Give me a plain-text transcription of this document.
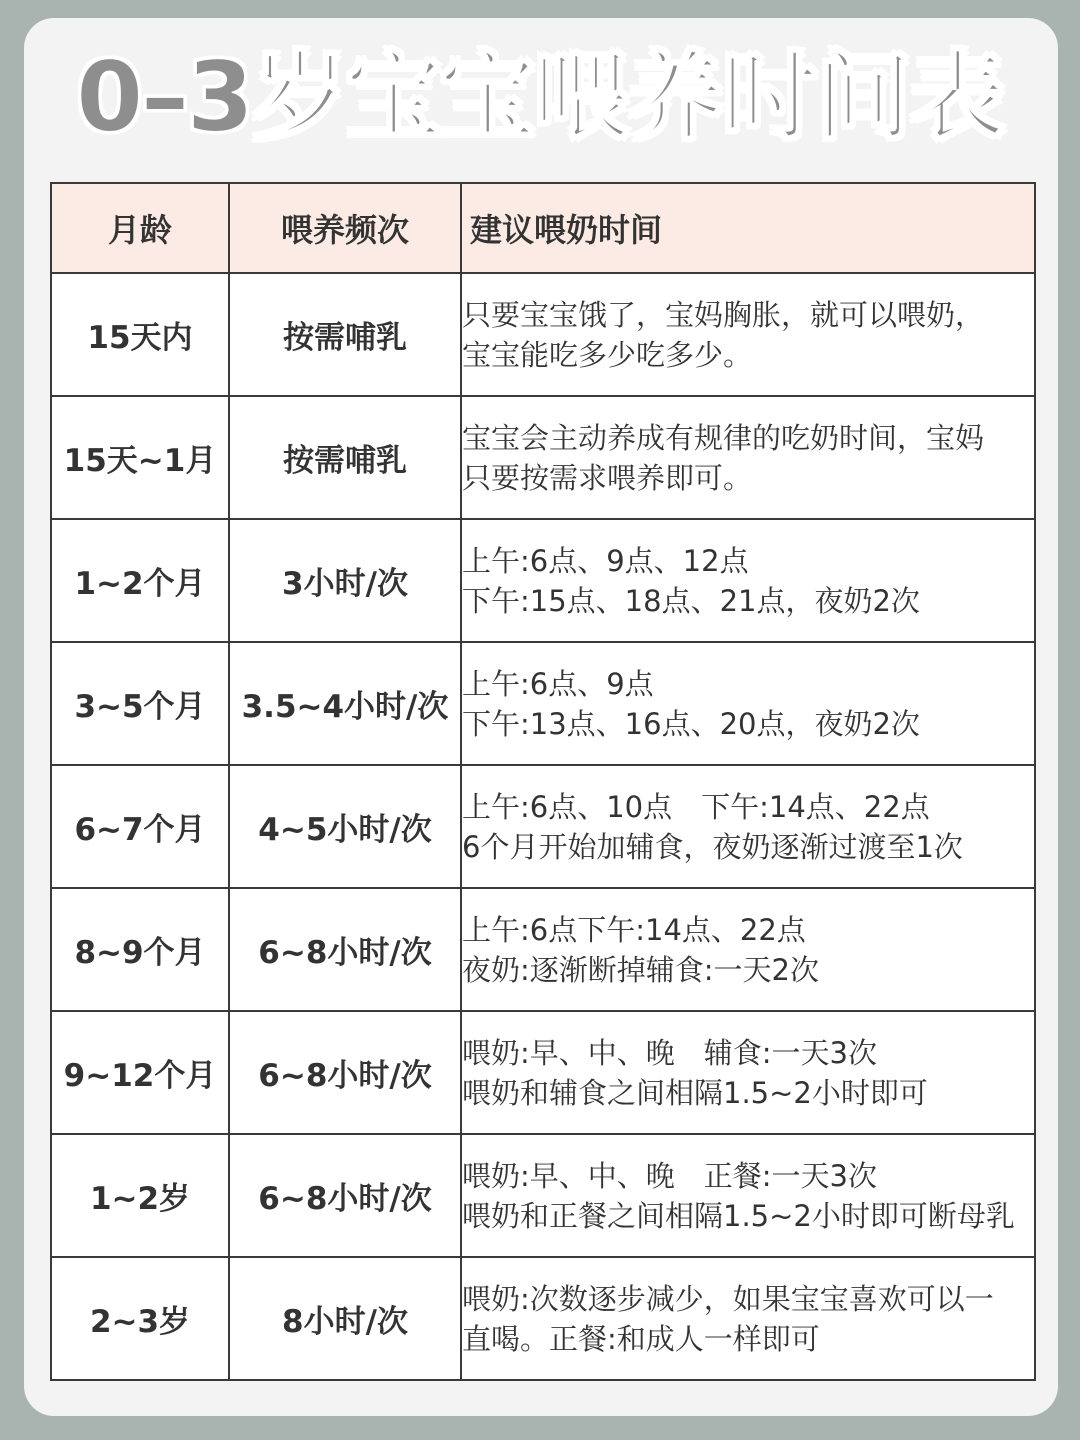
0–3岁宝宝喂养时间表
月龄	喂养频次	建议喂奶时间
15天内	按需哺乳	只要宝宝饿了，宝妈胸胀，就可以喂奶，
宝宝能吃多少吃多少。

15天~1月	按需哺乳	宝宝会主动养成有规律的吃奶时间，宝妈
只要按需求喂养即可。

1~2个月	3小时/次	上午:6点、9点、12点
下午:15点、18点、21点，夜奶2次

3~5个月	3.5~4小时/次	上午:6点、9点
下午:13点、16点、20点，夜奶2次

6~7个月	4~5小时/次	上午:6点、10点　下午:14点、22点
6个月开始加辅食，夜奶逐渐过渡至1次

8~9个月	6~8小时/次	上午:6点下午:14点、22点
夜奶:逐渐断掉辅食:一天2次

9~12个月	6~8小时/次	喂奶:早、中、晚　辅食:一天3次
喂奶和辅食之间相隔1.5~2小时即可

1~2岁	6~8小时/次	喂奶:早、中、晚　正餐:一天3次
喂奶和正餐之间相隔1.5~2小时即可断母乳

2~3岁	8小时/次	喂奶:次数逐步减少，如果宝宝喜欢可以一
直喝。正餐:和成人一样即可
